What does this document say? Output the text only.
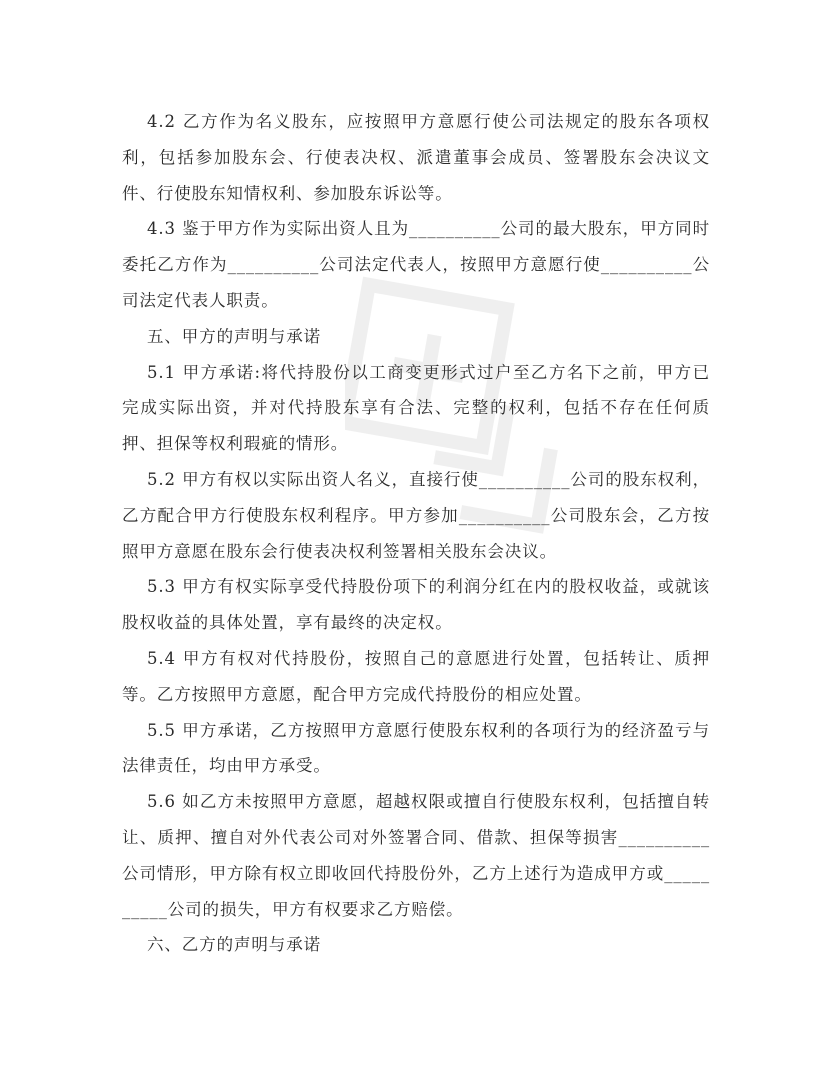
4.2 乙方作为名义股东，应按照甲方意愿行使公司法规定的股东各项权利，包括参加股东会、行使表决权、派遣董事会成员、签署股东会决议文件、行使股东知情权利、参加股东诉讼等。

4.3 鉴于甲方作为实际出资人且为__________公司的最大股东，甲方同时委托乙方作为__________公司法定代表人，按照甲方意愿行使__________公司法定代表人职责。

五、甲方的声明与承诺

5.1 甲方承诺:将代持股份以工商变更形式过户至乙方名下之前，甲方已完成实际出资，并对代持股东享有合法、完整的权利，包括不存在任何质押、担保等权利瑕疵的情形。

5.2 甲方有权以实际出资人名义，直接行使__________公司的股东权利，乙方配合甲方行使股东权利程序。甲方参加__________公司股东会，乙方按照甲方意愿在股东会行使表决权利签署相关股东会决议。

5.3 甲方有权实际享受代持股份项下的利润分红在内的股权收益，或就该股权收益的具体处置，享有最终的决定权。

5.4 甲方有权对代持股份，按照自己的意愿进行处置，包括转让、质押等。乙方按照甲方意愿，配合甲方完成代持股份的相应处置。

5.5 甲方承诺，乙方按照甲方意愿行使股东权利的各项行为的经济盈亏与法律责任，均由甲方承受。

5.6 如乙方未按照甲方意愿，超越权限或擅自行使股东权利，包括擅自转让、质押、擅自对外代表公司对外签署合同、借款、担保等损害__________公司情形，甲方除有权立即收回代持股份外，乙方上述行为造成甲方或__________公司的损失，甲方有权要求乙方赔偿。

六、乙方的声明与承诺
